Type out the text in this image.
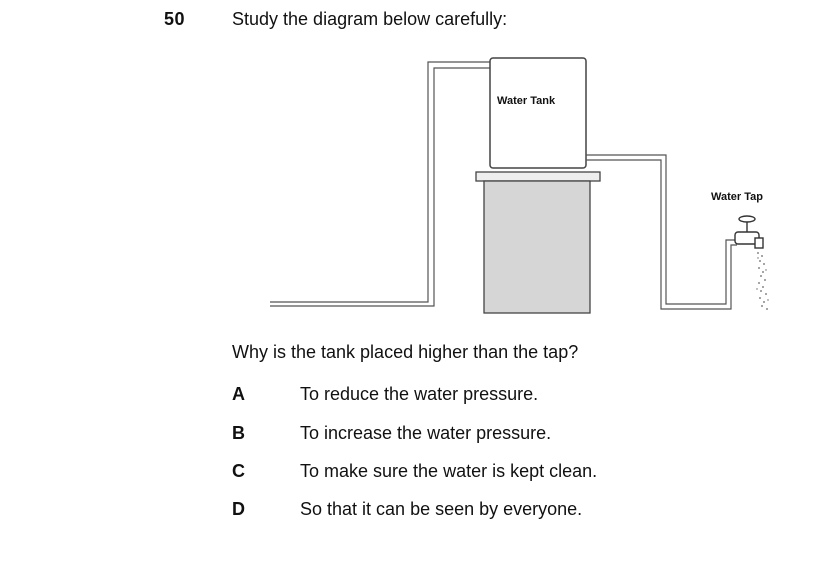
50	Study the diagram below carefully:
Water Tank
Water Tap
Why is the tank placed higher than the tap?
A	To reduce the water pressure.
B	To increase the water pressure.
C	To make sure the water is kept clean.
D	So that it can be seen by everyone.
